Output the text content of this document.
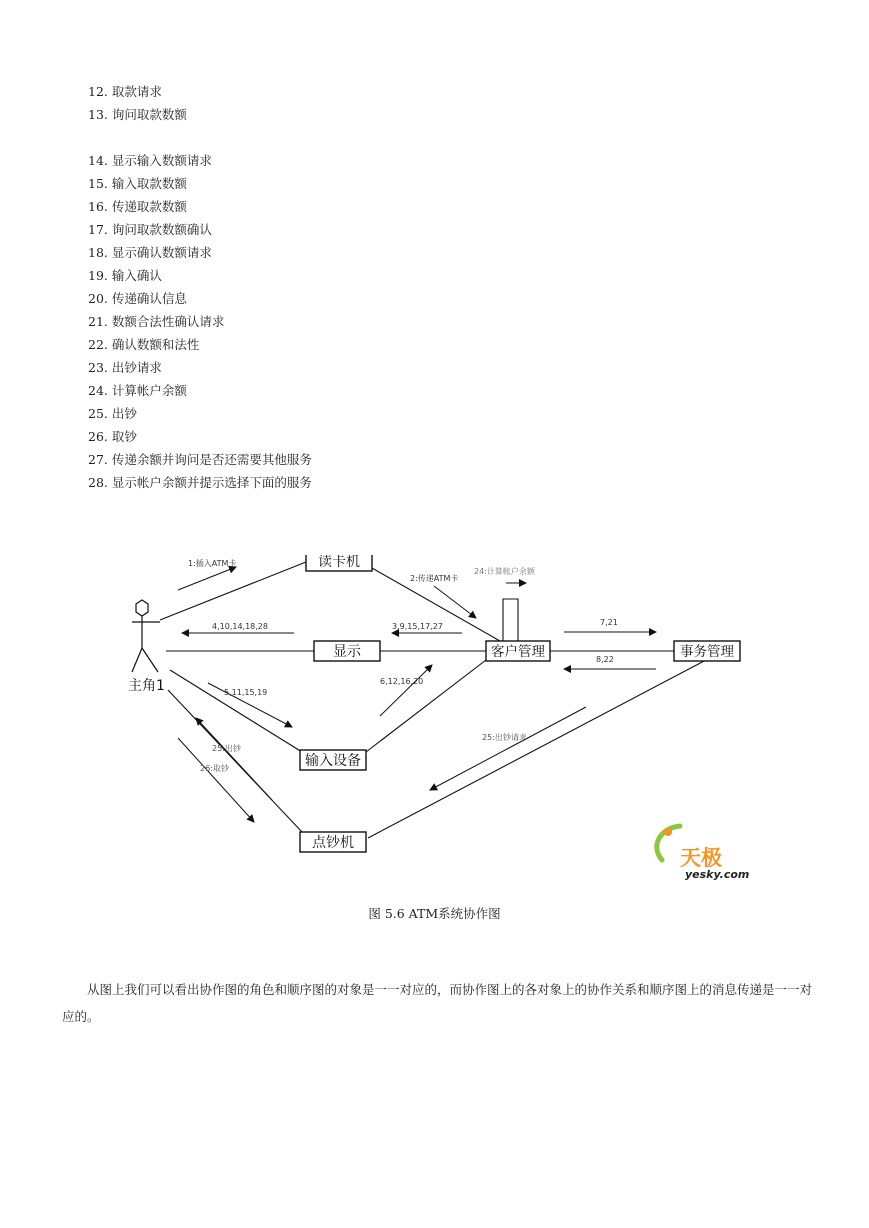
12. 取款请求
13. 询问取款数额
14. 显示输入数额请求
15. 输入取款数额
16. 传递取款数额
17. 询问取款数额确认
18. 显示确认数额请求
19. 输入确认
20. 传递确认信息
21. 数额合法性确认请求
22. 确认数额和法性
23. 出钞请求
24. 计算帐户余额
25. 出钞
26. 取钞
27. 传递余额并询问是否还需要其他服务
28. 显示帐户余额并提示选择下面的服务
主角1
读卡机
显示	客户管理	事务管理
输入设备
点钞机
1:插入ATM卡
2:传递ATM卡
24:计算帐户余额
4,10,14,18,28	3,9,15,17,27	7,21
8,22
6,12,16,20
5,11,15,19
25:出钞
26:取钞
25:出钞请求
天极
yesky.com
图 5.6 ATM系统协作图
从图上我们可以看出协作图的角色和顺序图的对象是一一对应的，而协作图上的各对象上的协作关系和顺序图上的消息传递是一一对应的。
